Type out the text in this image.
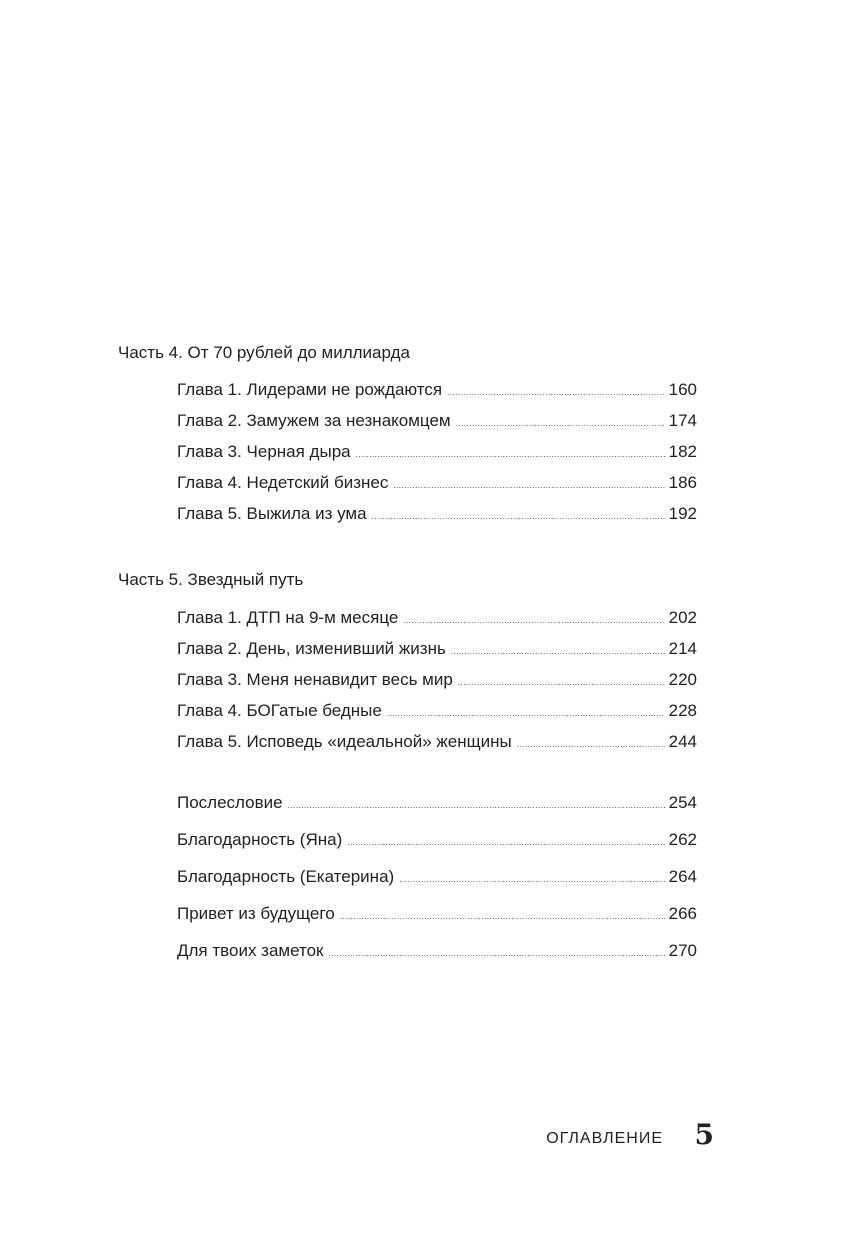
Часть 4. От 70 рублей до миллиарда
Глава 1. Лидерами не рождаются .....	160
Глава 2. Замужем за незнакомцем .....	174
Глава 3. Черная дыра .....	182
Глава 4. Недетский бизнес .....	186
Глава 5. Выжила из ума .....	192
Часть 5. Звездный путь
Глава 1. ДТП на 9-м месяце .....	202
Глава 2. День, изменивший жизнь .....	214
Глава 3. Меня ненавидит весь мир .....	220
Глава 4. БОГатые бедные .....	228
Глава 5. Исповедь «идеальной» женщины .....	244
Послесловие .....	254
Благодарность (Яна) .....	262
Благодарность (Екатерина) .....	264
Привет из будущего .....	266
Для твоих заметок .....	270
ОГЛАВЛЕНИЕ 5
